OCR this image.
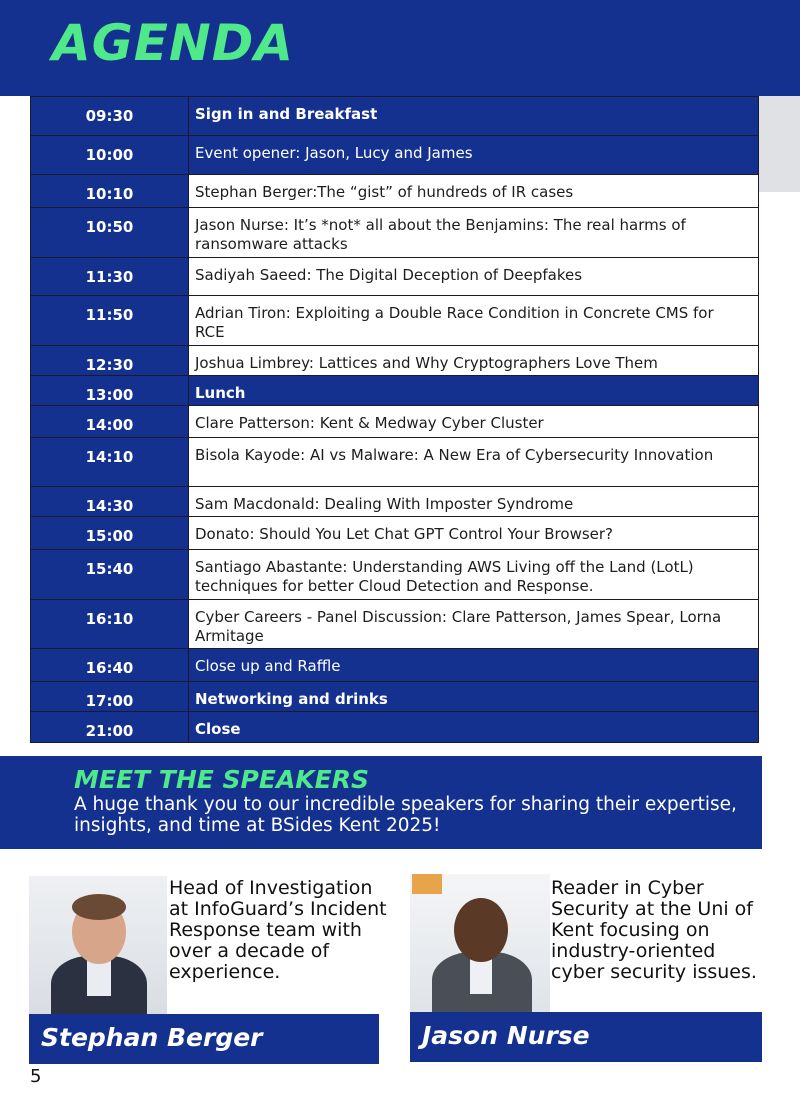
AGENDA
09:30	Sign in and Breakfast
10:00	Event opener: Jason, Lucy and James
10:10	Stephan Berger:The “gist” of hundreds of IR cases
10:50	Jason Nurse: It’s *not* all about the Benjamins: The real harms of ransomware attacks
11:30	Sadiyah Saeed: The Digital Deception of Deepfakes
11:50	Adrian Tiron: Exploiting a Double Race Condition in Concrete CMS for RCE
12:30	Joshua Limbrey: Lattices and Why Cryptographers Love Them
13:00	Lunch
14:00	Clare Patterson: Kent & Medway Cyber Cluster
14:10	Bisola Kayode: AI vs Malware: A New Era of Cybersecurity Innovation
14:30	Sam Macdonald: Dealing With Imposter Syndrome
15:00	Donato: Should You Let Chat GPT Control Your Browser?
15:40	Santiago Abastante: Understanding AWS Living off the Land (LotL) techniques for better Cloud Detection and Response.
16:10	Cyber Careers - Panel Discussion: Clare Patterson, James Spear, Lorna Armitage
16:40	Close up and Raffle
17:00	Networking and drinks
21:00	Close
MEET THE SPEAKERS

A huge thank you to our incredible speakers for sharing their expertise, insights, and time at BSides Kent 2025!

Head of Investigation at InfoGuard’s Incident Response team with over a decade of experience.
Stephan Berger
Reader in Cyber Security at the Uni of Kent focusing on industry-oriented cyber security issues.
Jason Nurse
5
